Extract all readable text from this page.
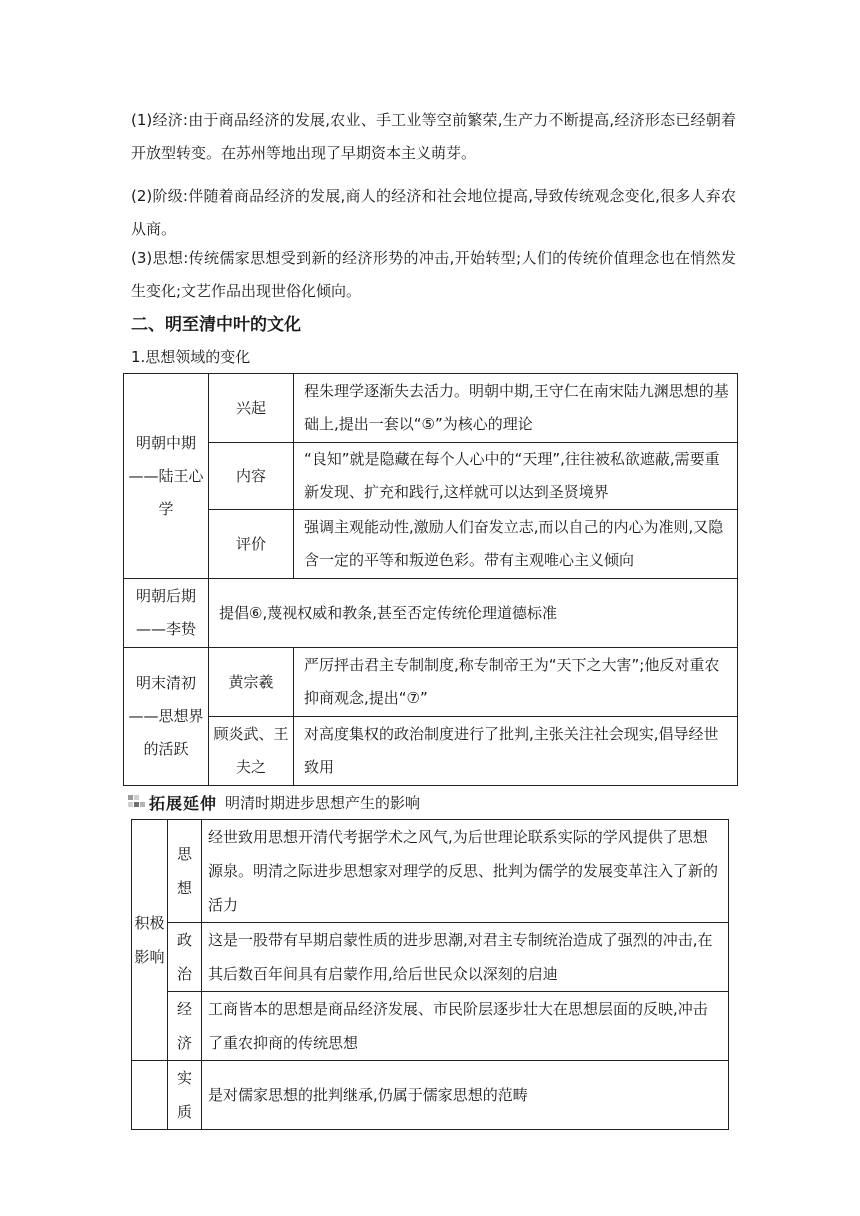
(1)经济:由于商品经济的发展,农业、手工业等空前繁荣,生产力不断提高,经济形态已经朝着开放型转变。在苏州等地出现了早期资本主义萌芽。

(2)阶级:伴随着商品经济的发展,商人的经济和社会地位提高,导致传统观念变化,很多人弃农从商。

(3)思想:传统儒家思想受到新的经济形势的冲击,开始转型;人们的传统价值理念也在悄然发生变化;文艺作品出现世俗化倾向。

二、明至清中叶的文化

1.思想领域的变化

明朝中期——陆王心学	兴起	程朱理学逐渐失去活力。明朝中期,王守仁在南宋陆九渊思想的基础上,提出一套以“⑤”为核心的理论
	内容	“良知”就是隐藏在每个人心中的“天理”,往往被私欲遮蔽,需要重新发现、扩充和践行,这样就可以达到圣贤境界
	评价	强调主观能动性,激励人们奋发立志,而以自己的内心为准则,又隐含一定的平等和叛逆色彩。带有主观唯心主义倾向
明朝后期——李贽	提倡⑥,蔑视权威和教条,甚至否定传统伦理道德标准	
明末清初——思想界的活跃	黄宗羲	严厉抨击君主专制制度,称专制帝王为“天下之大害”;他反对重农抑商观念,提出“⑦”
	顾炎武、王夫之	对高度集权的政治制度进行了批判,主张关注社会现实,倡导经世致用
拓展延伸 明清时期进步思想产生的影响
积极影响	思想	经世致用思想开清代考据学术之风气,为后世理论联系实际的学风提供了思想源泉。明清之际进步思想家对理学的反思、批判为儒学的发展变革注入了新的活力
	政治	这是一股带有早期启蒙性质的进步思潮,对君主专制统治造成了强烈的冲击,在其后数百年间具有启蒙作用,给后世民众以深刻的启迪
	经济	工商皆本的思想是商品经济发展、市民阶层逐步壮大在思想层面的反映,冲击了重农抑商的传统思想
	实质	是对儒家思想的批判继承,仍属于儒家思想的范畴
